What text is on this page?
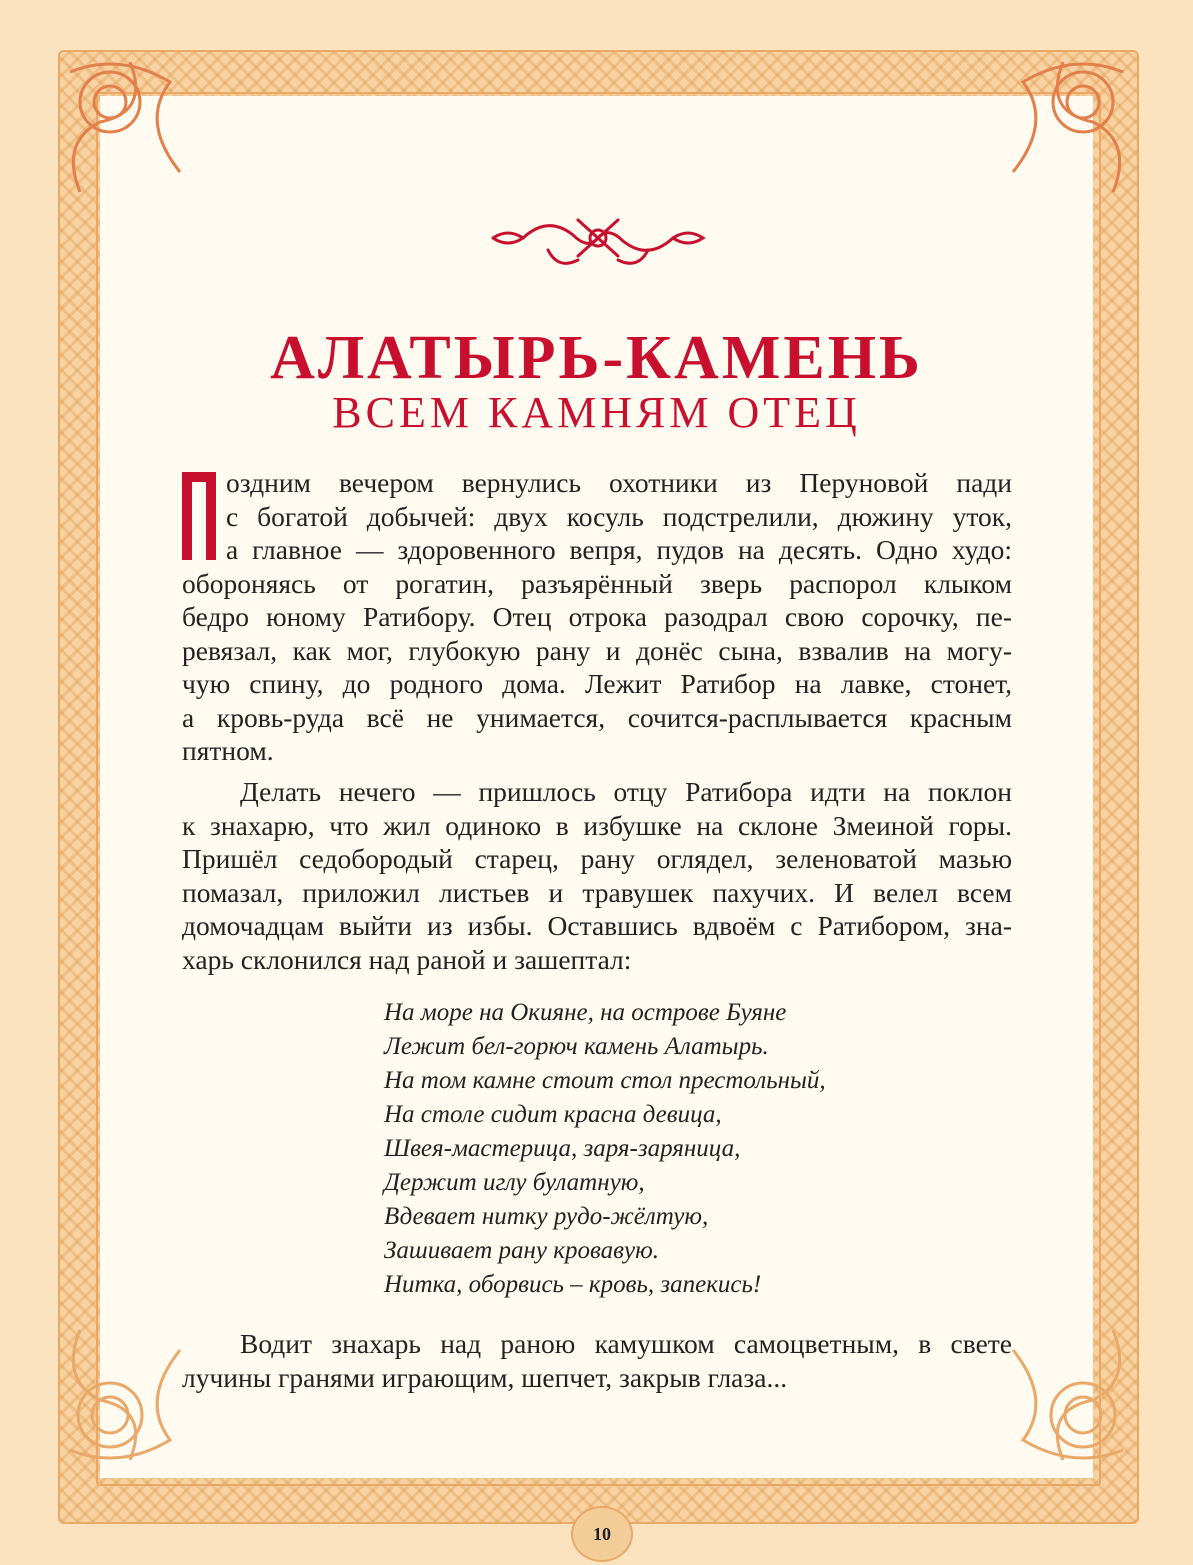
АЛАТЫРЬ-КАМЕНЬ
ВСЕМ КАМНЯМ ОТЕЦ
оздним вечером вернулись охотники из Перуновой пади
с богатой добычей: двух косуль подстрелили, дюжину уток,
а главное — здоровенного вепря, пудов на десять. Одно худо:
обороняясь от рогатин, разъярённый зверь распорол клыком
бедро юному Ратибору. Отец отрока разодрал свою сорочку, пе-
ревязал, как мог, глубокую рану и донёс сына, взвалив на могу-
чую спину, до родного дома. Лежит Ратибор на лавке, стонет,
а кровь-руда всё не унимается, сочится-расплывается красным
пятном.
Делать нечего — пришлось отцу Ратибора идти на поклон
к знахарю, что жил одиноко в избушке на склоне Змеиной горы.
Пришёл седобородый старец, рану оглядел, зеленоватой мазью
помазал, приложил листьев и травушек пахучих. И велел всем
домочадцам выйти из избы. Оставшись вдвоём с Ратибором, зна-
харь склонился над раной и зашептал:
На море на Окияне, на острове Буяне
Лежит бел-горюч камень Алатырь.
На том камне стоит стол престольный,
На столе сидит красна девица,
Швея-мастерица, заря-заряница,
Держит иглу булатную,
Вдевает нитку рудо-жёлтую,
Зашивает рану кровавую.
Нитка, оборвись – кровь, запекись!
Водит знахарь над раною камушком самоцветным, в свете
лучины гранями играющим, шепчет, закрыв глаза...
10
